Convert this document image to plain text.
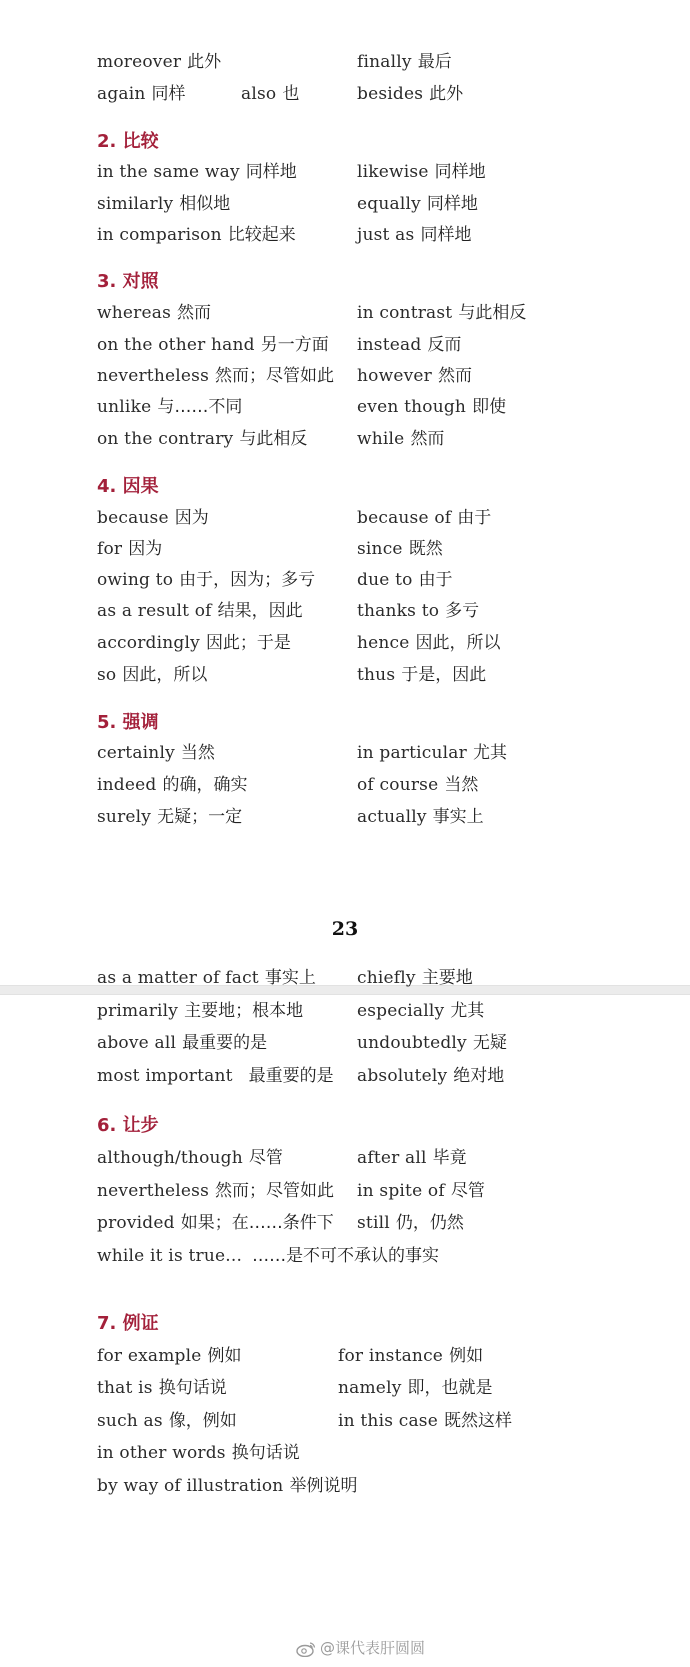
moreover 此外	finally 最后
again 同样	also 也	besides 此外
2. 比较
in the same way 同样地	likewise 同样地
similarly 相似地	equally 同样地
in comparison 比较起来	just as 同样地
3. 对照
whereas 然而	in contrast 与此相反
on the other hand 另一方面 instead 反而
nevertheless 然而；尽管如此 however 然而
unlike 与……不同	even though 即使
on the contrary 与此相反	while 然而
4. 因果
because 因为	because of 由于
for 因为	since 既然
owing to 由于，因为；多亏 due to 由于
as a result of 结果，因此	thanks to 多亏
accordingly 因此；于是	hence 因此，所以
so 因此，所以	thus 于是，因此
5. 强调
certainly 当然	in particular 尤其
indeed 的确，确实	of course 当然
surely 无疑；一定	actually 事实上
23
as a matter of fact 事实上 chiefly 主要地
primarily 主要地；根本地	especially 尤其
above all 最重要的是	undoubtedly 无疑
most important 最重要的是 absolutely 绝对地
6. 让步
although/though 尽管	after all 毕竟
nevertheless 然而；尽管如此 in spite of 尽管
provided 如果；在……条件下 still 仍，仍然
while it is true... ……是不可不承认的事实
7. 例证
for example 例如	for instance 例如
that is 换句话说	namely 即，也就是
such as 像，例如	in this case 既然这样
in other words 换句话说
by way of illustration 举例说明
@课代表肝圆圆
